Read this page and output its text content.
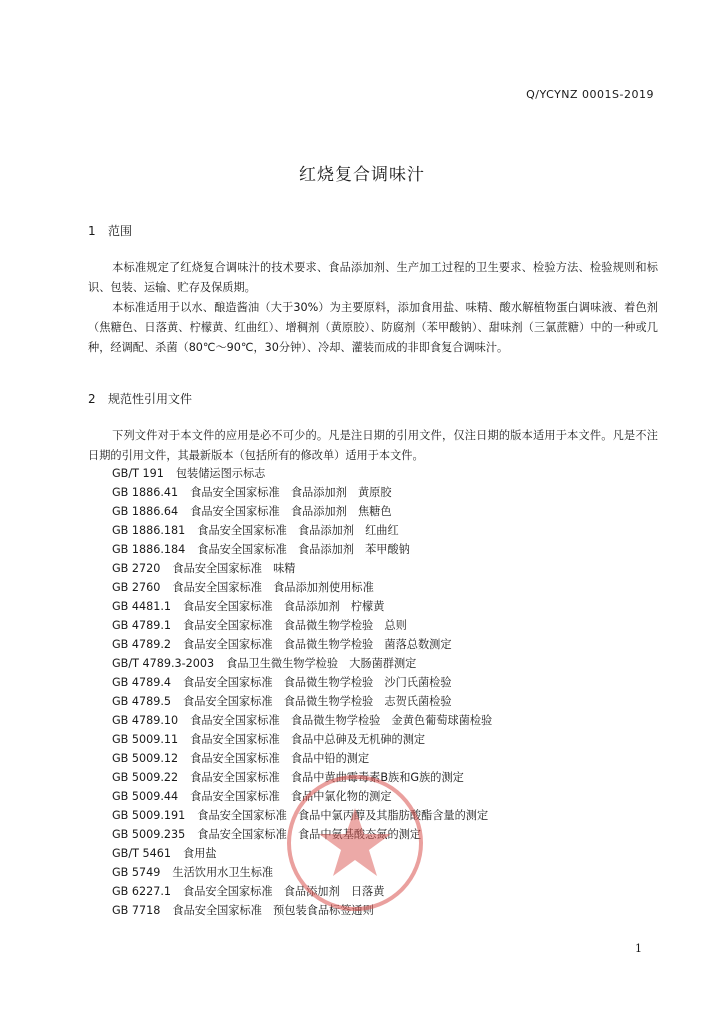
Q/YCYNZ 0001S-2019
红烧复合调味汁
1 范围
本标准规定了红烧复合调味汁的技术要求、食品添加剂、生产加工过程的卫生要求、检验方法、检验规则和标识、包装、运输、贮存及保质期。
本标准适用于以水、酿造酱油（大于30%）为主要原料，添加食用盐、味精、酸水解植物蛋白调味液、着色剂（焦糖色、日落黄、柠檬黄、红曲红）、增稠剂（黄原胶）、防腐剂（苯甲酸钠）、甜味剂（三氯蔗糖）中的一种或几种，经调配、杀菌（80℃～90℃，30分钟）、冷却、灌装而成的非即食复合调味汁。
2 规范性引用文件
下列文件对于本文件的应用是必不可少的。凡是注日期的引用文件，仅注日期的版本适用于本文件。凡是不注日期的引用文件，其最新版本（包括所有的修改单）适用于本文件。
GB/T 191 包装储运图示标志
GB 1886.41 食品安全国家标准　食品添加剂　黄原胶
GB 1886.64 食品安全国家标准　食品添加剂　焦糖色
GB 1886.181 食品安全国家标准　食品添加剂　红曲红
GB 1886.184 食品安全国家标准　食品添加剂　苯甲酸钠
GB 2720 食品安全国家标准　味精
GB 2760 食品安全国家标准　食品添加剂使用标准
GB 4481.1 食品安全国家标准　食品添加剂　柠檬黄
GB 4789.1 食品安全国家标准　食品微生物学检验　总则
GB 4789.2 食品安全国家标准　食品微生物学检验　菌落总数测定
GB/T 4789.3-2003 食品卫生微生物学检验　大肠菌群测定
GB 4789.4 食品安全国家标准　食品微生物学检验　沙门氏菌检验
GB 4789.5 食品安全国家标准　食品微生物学检验　志贺氏菌检验
GB 4789.10 食品安全国家标准　食品微生物学检验　金黄色葡萄球菌检验
GB 5009.11 食品安全国家标准　食品中总砷及无机砷的测定
GB 5009.12 食品安全国家标准　食品中铅的测定
GB 5009.22 食品安全国家标准　食品中黄曲霉毒素B族和G族的测定
GB 5009.44 食品安全国家标准　食品中氯化物的测定
GB 5009.191 食品安全国家标准　食品中氯丙醇及其脂肪酸酯含量的测定
GB 5009.235 食品安全国家标准　食品中氨基酸态氮的测定
GB/T 5461 食用盐
GB 5749 生活饮用水卫生标准
GB 6227.1 食品安全国家标准　食品添加剂　日落黄
GB 7718 食品安全国家标准　预包装食品标签通则
1
